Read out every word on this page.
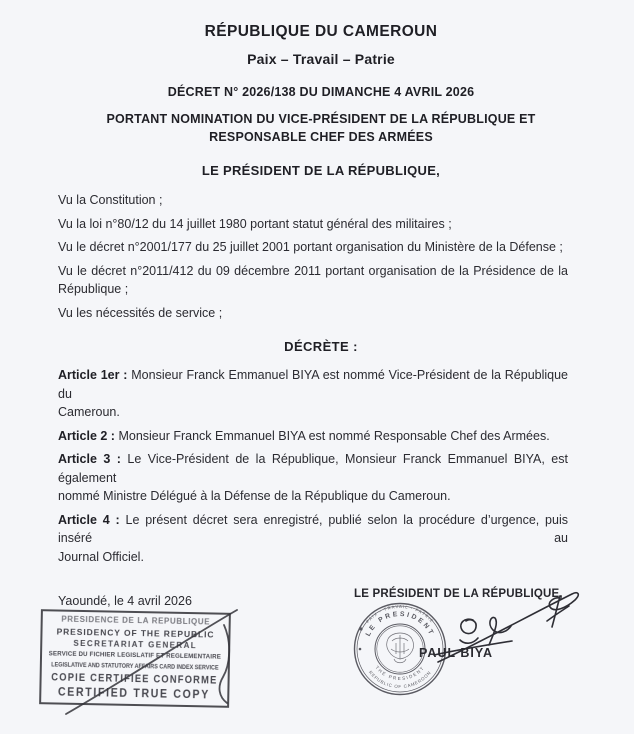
RÉPUBLIQUE DU CAMEROUN
Paix – Travail – Patrie
DÉCRET N° 2026/138 DU DIMANCHE 4 AVRIL 2026
PORTANT NOMINATION DU VICE-PRÉSIDENT DE LA RÉPUBLIQUE ET
RESPONSABLE CHEF DES ARMÉES
LE PRÉSIDENT DE LA RÉPUBLIQUE,
Vu la Constitution ;
Vu la loi n°80/12 du 14 juillet 1980 portant statut général des militaires ;
Vu le décret n°2001/177 du 25 juillet 2001 portant organisation du Ministère de la Défense ;
Vu le décret n°2011/412 du 09 décembre 2011 portant organisation de la Présidence de la
République ;
Vu les nécessités de service ;
DÉCRÈTE :
Article 1er : Monsieur Franck Emmanuel BIYA est nommé Vice-Président de la République du
Cameroun.
Article 2 : Monsieur Franck Emmanuel BIYA est nommé Responsable Chef des Armées.
Article 3 : Le Vice-Président de la République, Monsieur Franck Emmanuel BIYA, est également
nommé Ministre Délégué à la Défense de la République du Cameroun.
Article 4 : Le présent décret sera enregistré, publié selon la procédure d’urgence, puis inséré au
Journal Officiel.
Yaoundé, le 4 avril 2026	LE PRÉSIDENT DE LA RÉPUBLIQUE,
PAIX - TRAVAIL - PATRIE
LE PRESIDENT
THE PRESIDENT
REPUBLIC OF CAMEROON
PAUL BIYA
PRESIDENCE DE LA REPUBLIQUE
PRESIDENCY OF THE REPUBLIC
SECRETARIAT GENERAL
SERVICE DU FICHIER LEGISLATIF ET REGLEMENTAIRE
LEGISLATIVE AND STATUTORY AFFAIRS CARD INDEX SERVICE
COPIE CERTIFIEE CONFORME
CERTIFIED TRUE COPY
